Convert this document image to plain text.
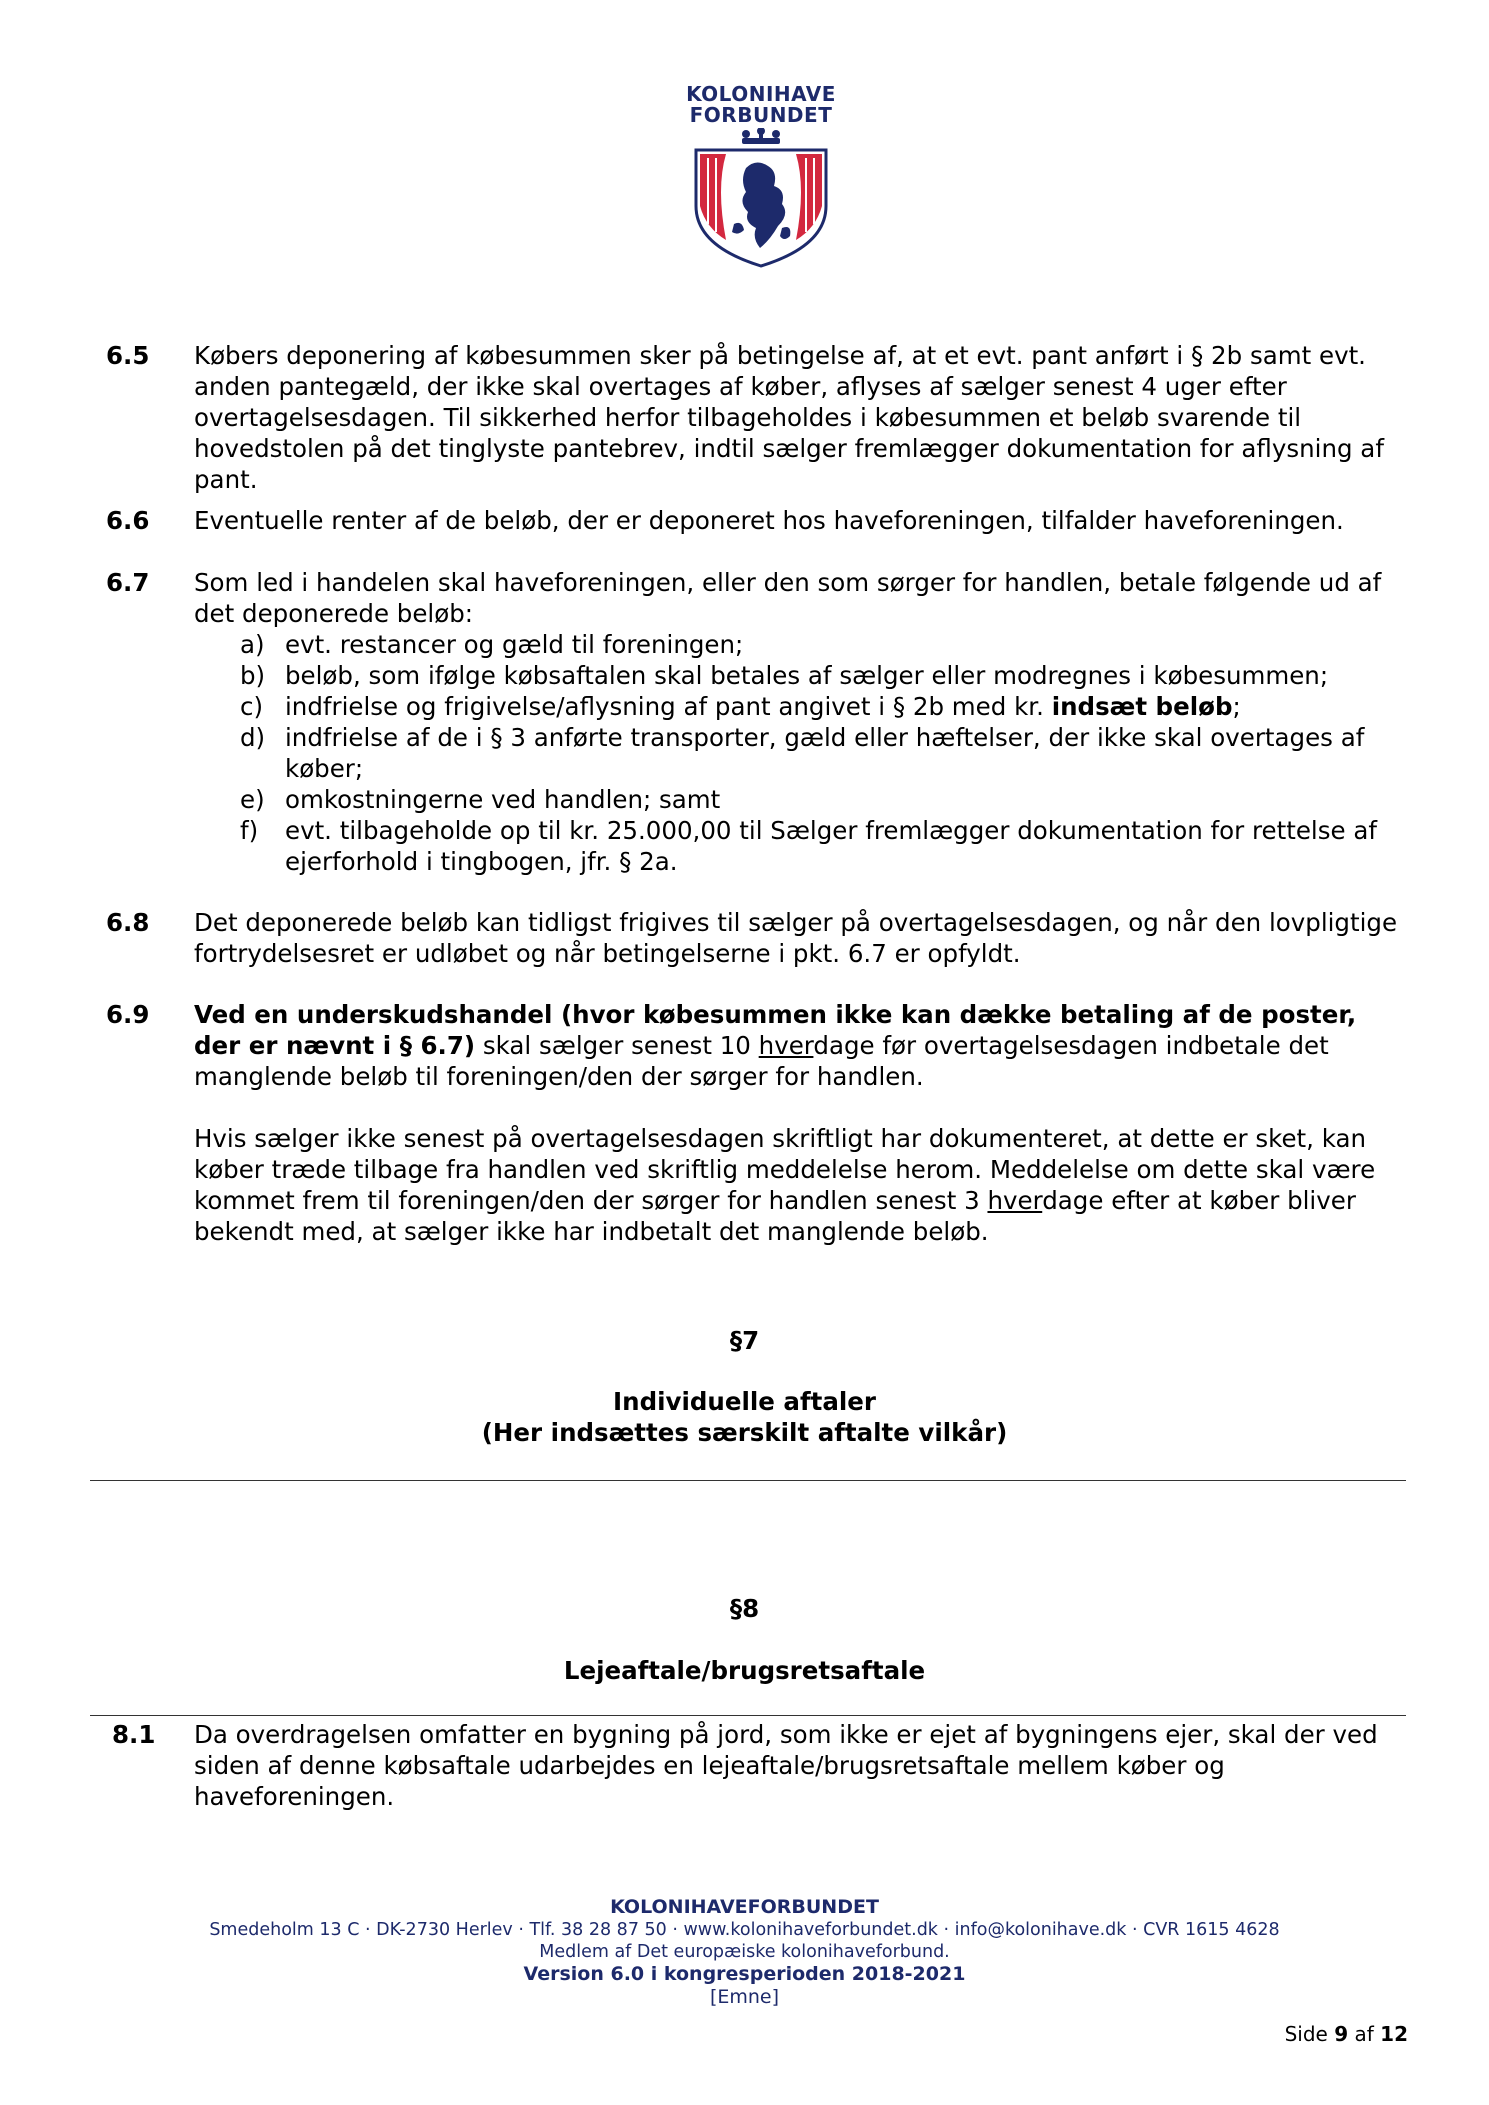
KOLONIHAVE
FORBUNDET
6.5	Købers deponering af købesummen sker på betingelse af, at et evt. pant anført i § 2b samt evt. anden pantegæld, der ikke skal overtages af køber, aflyses af sælger senest 4 uger efter overtagelsesdagen. Til sikkerhed herfor tilbageholdes i købesummen et beløb svarende til hovedstolen på det tinglyste pantebrev, indtil sælger fremlægger dokumentation for aflysning af pant.
6.6	Eventuelle renter af de beløb, der er deponeret hos haveforeningen, tilfalder haveforeningen.
6.7	Som led i handelen skal haveforeningen, eller den som sørger for handlen, betale følgende ud af det deponerede beløb:
a) evt. restancer og gæld til foreningen;
b) beløb, som ifølge købsaftalen skal betales af sælger eller modregnes i købesummen;
c) indfrielse og frigivelse/aflysning af pant angivet i § 2b med kr. indsæt beløb;
d) indfrielse af de i § 3 anførte transporter, gæld eller hæftelser, der ikke skal overtages af køber;
e) omkostningerne ved handlen; samt
f) evt. tilbageholde op til kr. 25.000,00 til Sælger fremlægger dokumentation for rettelse af ejerforhold i tingbogen, jfr. § 2a.
6.8	Det deponerede beløb kan tidligst frigives til sælger på overtagelsesdagen, og når den lovpligtige fortrydelsesret er udløbet og når betingelserne i pkt. 6.7 er opfyldt.
6.9	Ved en underskudshandel (hvor købesummen ikke kan dække betaling af de poster, der er nævnt i § 6.7) skal sælger senest 10 hverdage før overtagelsesdagen indbetale det manglende beløb til foreningen/den der sørger for handlen.
Hvis sælger ikke senest på overtagelsesdagen skriftligt har dokumenteret, at dette er sket, kan køber træde tilbage fra handlen ved skriftlig meddelelse herom. Meddelelse om dette skal være kommet frem til foreningen/den der sørger for handlen senest 3 hverdage efter at køber bliver bekendt med, at sælger ikke har indbetalt det manglende beløb.
§7
Individuelle aftaler
(Her indsættes særskilt aftalte vilkår)
§8
Lejeaftale/brugsretsaftale
8.1	Da overdragelsen omfatter en bygning på jord, som ikke er ejet af bygningens ejer, skal der ved siden af denne købsaftale udarbejdes en lejeaftale/brugsretsaftale mellem køber og haveforeningen.
KOLONIHAVEFORBUNDET
Smedeholm 13 C · DK-2730 Herlev · Tlf. 38 28 87 50 · www.kolonihaveforbundet.dk · info@kolonihave.dk · CVR 1615 4628
Medlem af Det europæiske kolonihaveforbund.
Version 6.0 i kongresperioden 2018-2021
[Emne]
Side 9 af 12
